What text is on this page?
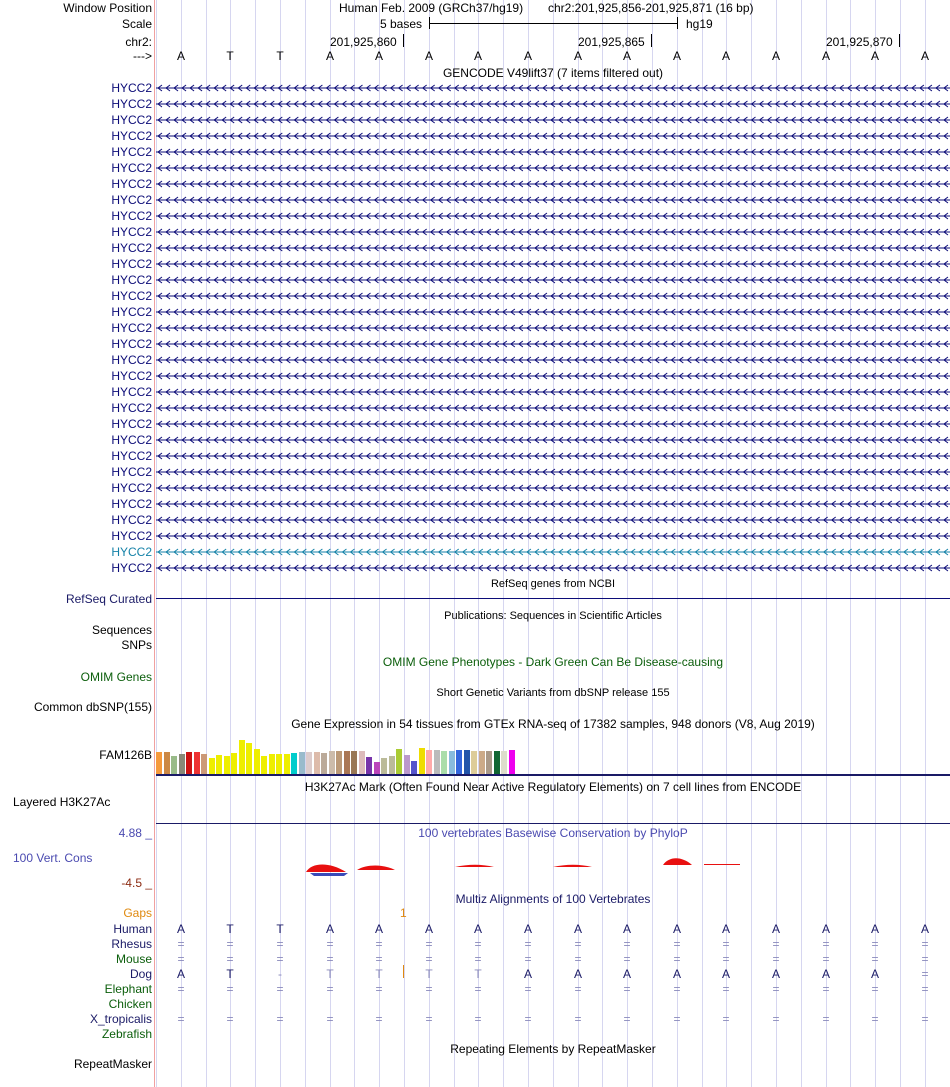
Window Position	Human Feb. 2009 (GRCh37/hg19) chr2:201,925,856-201,925,871 (16 bp)
Scale	5 bases	hg19
chr2:	201,925,860	201,925,865	201,925,870
--->	A	T	T	A	A	A	A	A	A	A	A	A	A	A	A	A
GENCODE V49lift37 (7 items filtered out)
HYCC2
HYCC2
HYCC2
HYCC2
HYCC2
HYCC2
HYCC2
HYCC2
HYCC2
HYCC2
HYCC2
HYCC2
HYCC2
HYCC2
HYCC2
HYCC2
HYCC2
HYCC2
HYCC2
HYCC2
HYCC2
HYCC2
HYCC2
HYCC2
HYCC2
HYCC2
HYCC2
HYCC2
HYCC2
HYCC2
HYCC2
RefSeq genes from NCBI
RefSeq Curated
Publications: Sequences in Scientific Articles
Sequences
SNPs
OMIM Gene Phenotypes - Dark Green Can Be Disease-causing
OMIM Genes
Short Genetic Variants from dbSNP release 155
Common dbSNP(155)
Gene Expression in 54 tissues from GTEx RNA-seq of 17382 samples, 948 donors (V8, Aug 2019)
FAM126B
H3K27Ac Mark (Often Found Near Active Regulatory Elements) on 7 cell lines from ENCODE
Layered H3K27Ac
100 vertebrates Basewise Conservation by PhyloP
4.88 _
100 Vert. Cons
-4.5 _
Multiz Alignments of 100 Vertebrates
Gaps	1
Human	A	T	T	A	A	A	A	A	A	A	A	A	A	A	A	A
Rhesus	=	=	=	=	=	=	=	=	=	=	=	=	=	=	=	=
Mouse	=	=	=	=	=	=	=	=	=	=	=	=	=	=	=	=
Dog	A	T	-	T	T	T	T	A	A	A	A	A	A	A	A	=
Elephant	=	=	=	=	=	=	=	=	=	=	=	=	=	=	=	=
Chicken
X_tropicalis	=	=	=	=	=	=	=	=	=	=	=	=	=	=	=	=
Zebrafish
Repeating Elements by RepeatMasker
RepeatMasker
